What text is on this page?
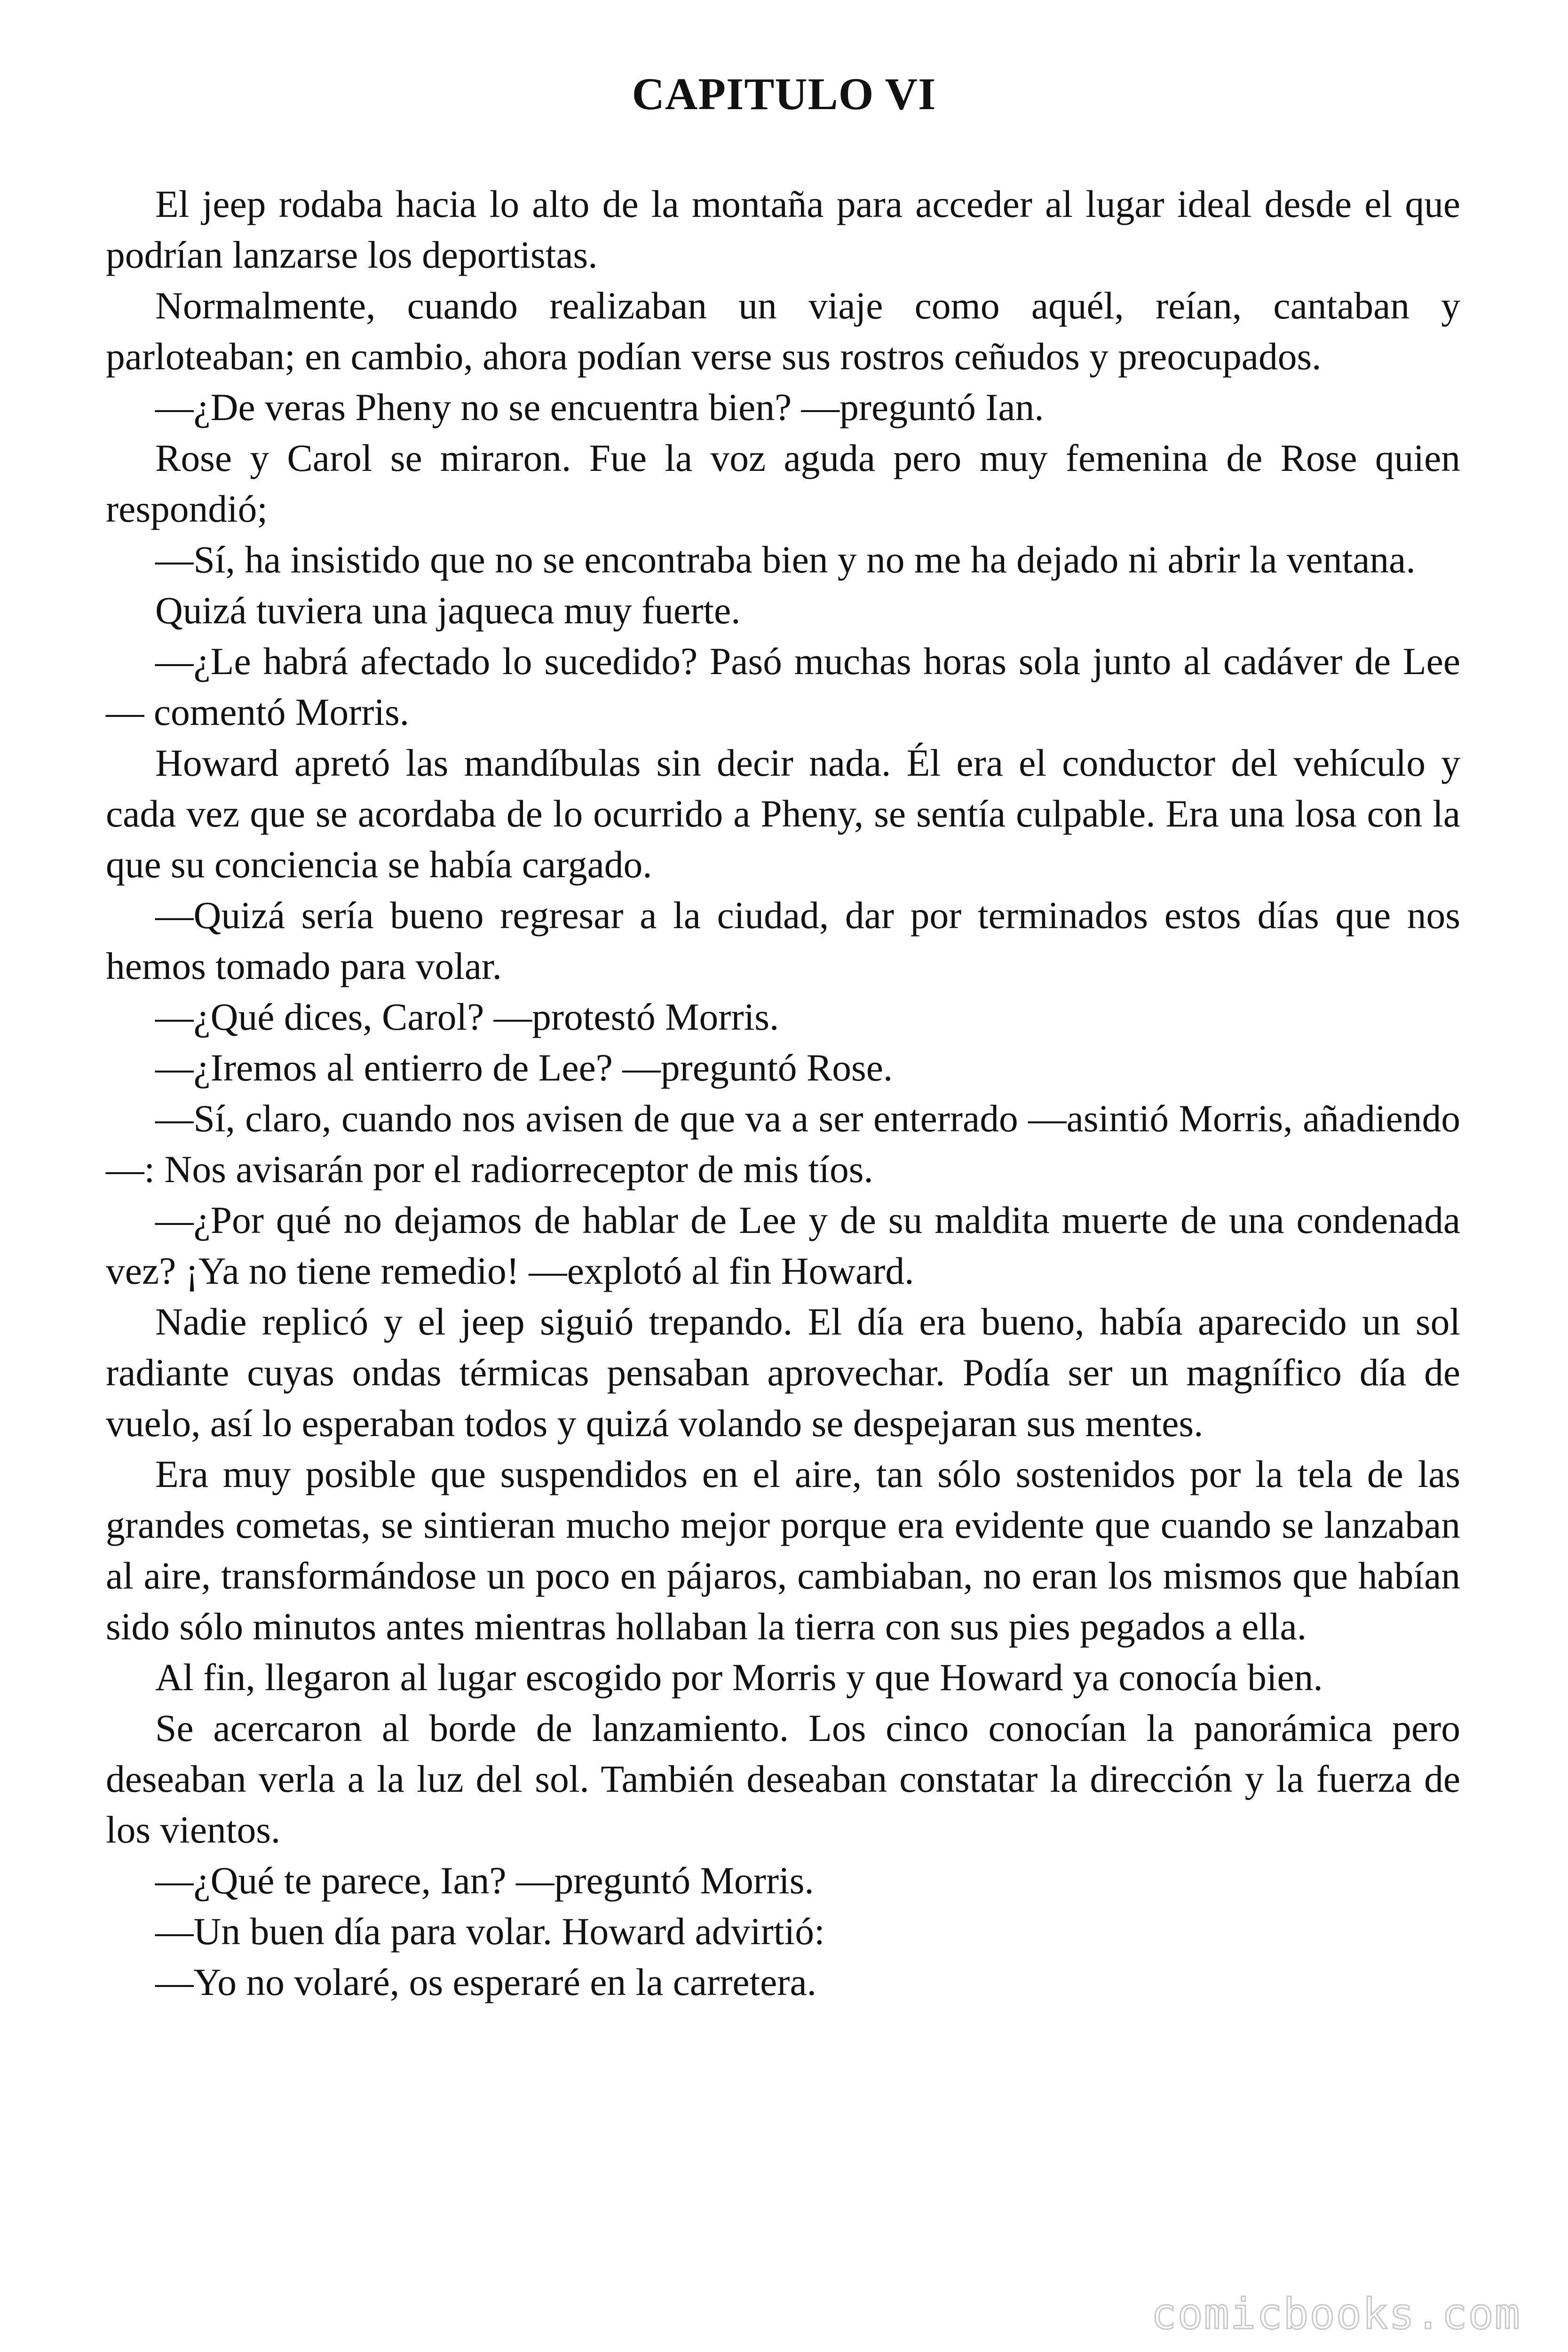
CAPITULO VI

El jeep rodaba hacia lo alto de la montaña para acceder al lugar ideal desde el que podrían lanzarse los deportistas.

Normalmente, cuando realizaban un viaje como aquél, reían, cantaban y parloteaban; en cambio, ahora podían verse sus rostros ceñudos y preocupados.

—¿De veras Pheny no se encuentra bien? —preguntó Ian.

Rose y Carol se miraron. Fue la voz aguda pero muy femenina de Rose quien respondió;

—Sí, ha insistido que no se encontraba bien y no me ha dejado ni abrir la ventana.

Quizá tuviera una jaqueca muy fuerte.

—¿Le habrá afectado lo sucedido? Pasó muchas horas sola junto al cadáver de Lee — comentó Morris.

Howard apretó las mandíbulas sin decir nada. Él era el conductor del vehículo y cada vez que se acordaba de lo ocurrido a Pheny, se sentía culpable. Era una losa con la que su conciencia se había cargado.

—Quizá sería bueno regresar a la ciudad, dar por terminados estos días que nos hemos tomado para volar.

—¿Qué dices, Carol? —protestó Morris.

—¿Iremos al entierro de Lee? —preguntó Rose.

—Sí, claro, cuando nos avisen de que va a ser enterrado —asintió Morris, añadiendo—: Nos avisarán por el radiorreceptor de mis tíos.

—¿Por qué no dejamos de hablar de Lee y de su maldita muerte de una condenada vez? ¡Ya no tiene remedio! —explotó al fin Howard.

Nadie replicó y el jeep siguió trepando. El día era bueno, había aparecido un sol radiante cuyas ondas térmicas pensaban aprovechar. Podía ser un magnífico día de vuelo, así lo esperaban todos y quizá volando se despejaran sus mentes.

Era muy posible que suspendidos en el aire, tan sólo sostenidos por la tela de las grandes cometas, se sintieran mucho mejor porque era evidente que cuando se lanzaban al aire, transformándose un poco en pájaros, cambiaban, no eran los mismos que habían sido sólo minutos antes mientras hollaban la tierra con sus pies pegados a ella.

Al fin, llegaron al lugar escogido por Morris y que Howard ya conocía bien.

Se acercaron al borde de lanzamiento. Los cinco conocían la panorámica pero deseaban verla a la luz del sol. También deseaban constatar la dirección y la fuerza de los vientos.

—¿Qué te parece, Ian? —preguntó Morris.

—Un buen día para volar. Howard advirtió:

—Yo no volaré, os esperaré en la carretera.

comicbooks.com
